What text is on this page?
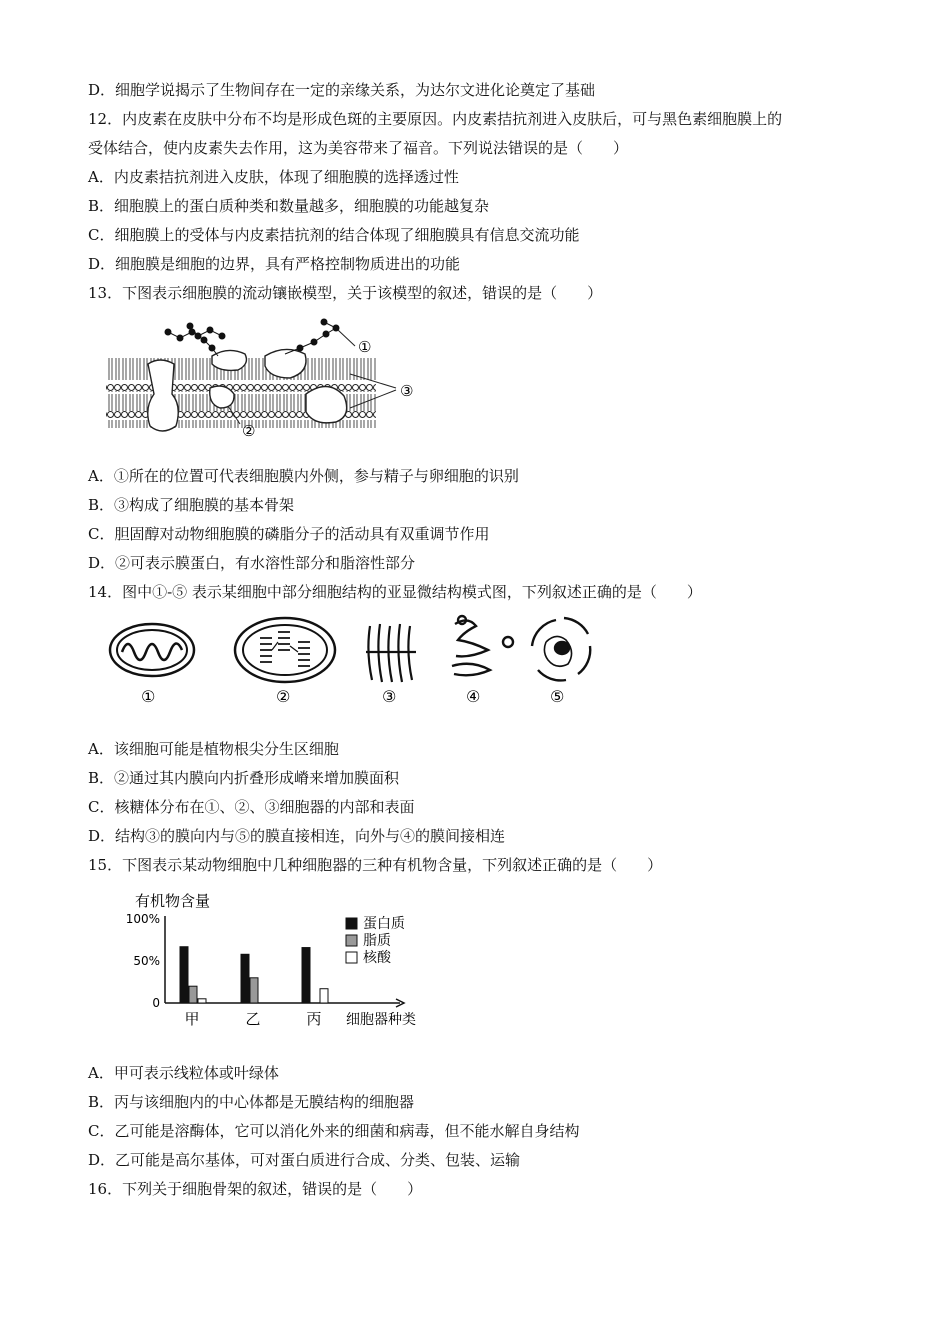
D．细胞学说揭示了生物间存在一定的亲缘关系，为达尔文进化论奠定了基础
12．内皮素在皮肤中分布不均是形成色斑的主要原因。内皮素拮抗剂进入皮肤后，可与黑色素细胞膜上的
受体结合，使内皮素失去作用，这为美容带来了福音。下列说法错误的是（　　）
A．内皮素拮抗剂进入皮肤，体现了细胞膜的选择透过性
B．细胞膜上的蛋白质种类和数量越多，细胞膜的功能越复杂
C．细胞膜上的受体与内皮素拮抗剂的结合体现了细胞膜具有信息交流功能
D．细胞膜是细胞的边界，具有严格控制物质进出的功能
13．下图表示细胞膜的流动镶嵌模型，关于该模型的叙述，错误的是（　　）
①
③
②
A．①所在的位置可代表细胞膜内外侧，参与精子与卵细胞的识别
B．③构成了细胞膜的基本骨架
C．胆固醇对动物细胞膜的磷脂分子的活动具有双重调节作用
D．②可表示膜蛋白，有水溶性部分和脂溶性部分
14．图中①-⑤ 表示某细胞中部分细胞结构的亚显微结构模式图，下列叙述正确的是（　　）
①	②	③	④	⑤
A．该细胞可能是植物根尖分生区细胞
B．②通过其内膜向内折叠形成嵴来增加膜面积
C．核糖体分布在①、②、③细胞器的内部和表面
D．结构③的膜向内与⑤的膜直接相连，向外与④的膜间接相连
15．下图表示某动物细胞中几种细胞器的三种有机物含量，下列叙述正确的是（　　）
有机物含量
100%
50%
0
甲	乙	丙 细胞器种类
蛋白质
脂质
核酸
A．甲可表示线粒体或叶绿体
B．丙与该细胞内的中心体都是无膜结构的细胞器
C．乙可能是溶酶体，它可以消化外来的细菌和病毒，但不能水解自身结构
D．乙可能是高尔基体，可对蛋白质进行合成、分类、包装、运输
16．下列关于细胞骨架的叙述，错误的是（　　）
